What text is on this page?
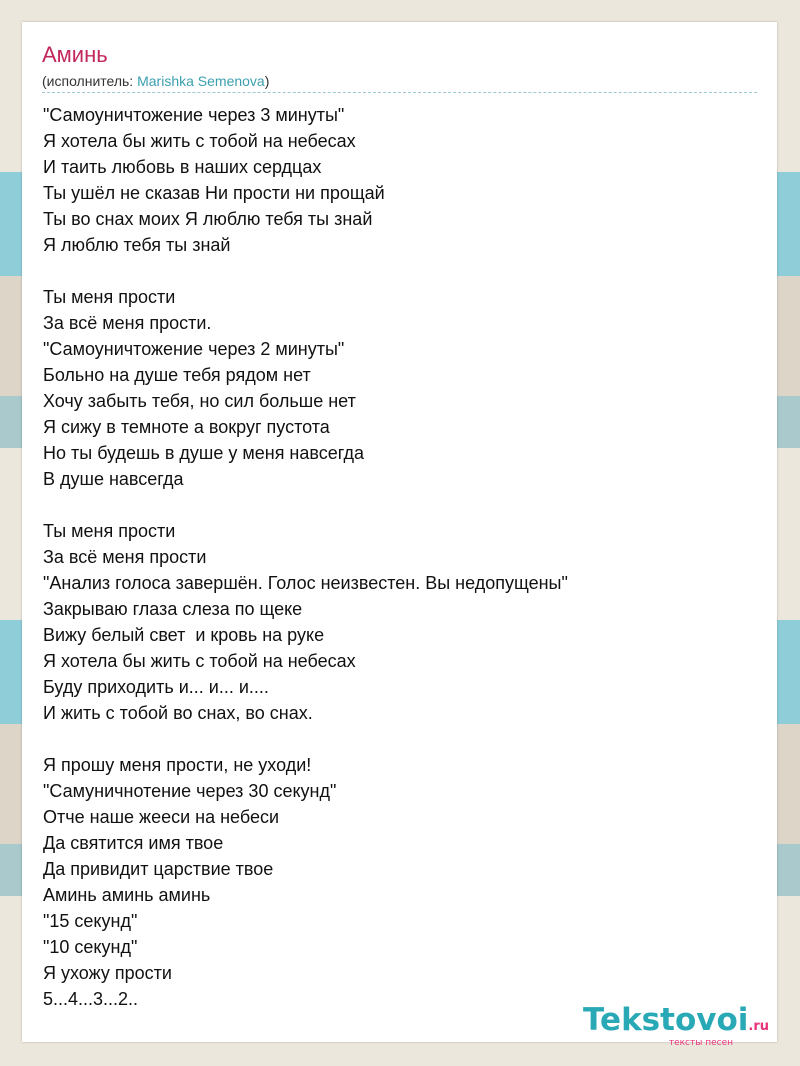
Аминь
(исполнитель: Marishka Semenova)
"Самоуничтожение через 3 минуты"
Я хотела бы жить с тобой на небесах
И таить любовь в наших сердцах
Ты ушёл не сказав Ни прости ни прощай
Ты во снах моих Я люблю тебя ты знай
Я люблю тебя ты знай
Ты меня прости
За всё меня прости.
"Самоуничтожение через 2 минуты"
Больно на душе тебя рядом нет
Хочу забыть тебя, но сил больше нет
Я сижу в темноте а вокруг пустота
Но ты будешь в душе у меня навсегда
В душе навсегда
Ты меня прости
За всё меня прости
"Анализ голоса завершён. Голос неизвестен. Вы недопущены"
Закрываю глаза слеза по щеке
Вижу белый свет  и кровь на руке
Я хотела бы жить с тобой на небесах
Буду приходить и... и... и....
И жить с тобой во снах, во снах.
Я прошу меня прости, не уходи!
"Самуничнотение через 30 секунд"
Отче наше жееси на небеси
Да святится имя твое
Да привидит царствие твое
Аминь аминь аминь
"15 секунд"
"10 секунд"
Я ухожу прости
5...4...3...2..
Tekstovoi.ru
тексты песен
